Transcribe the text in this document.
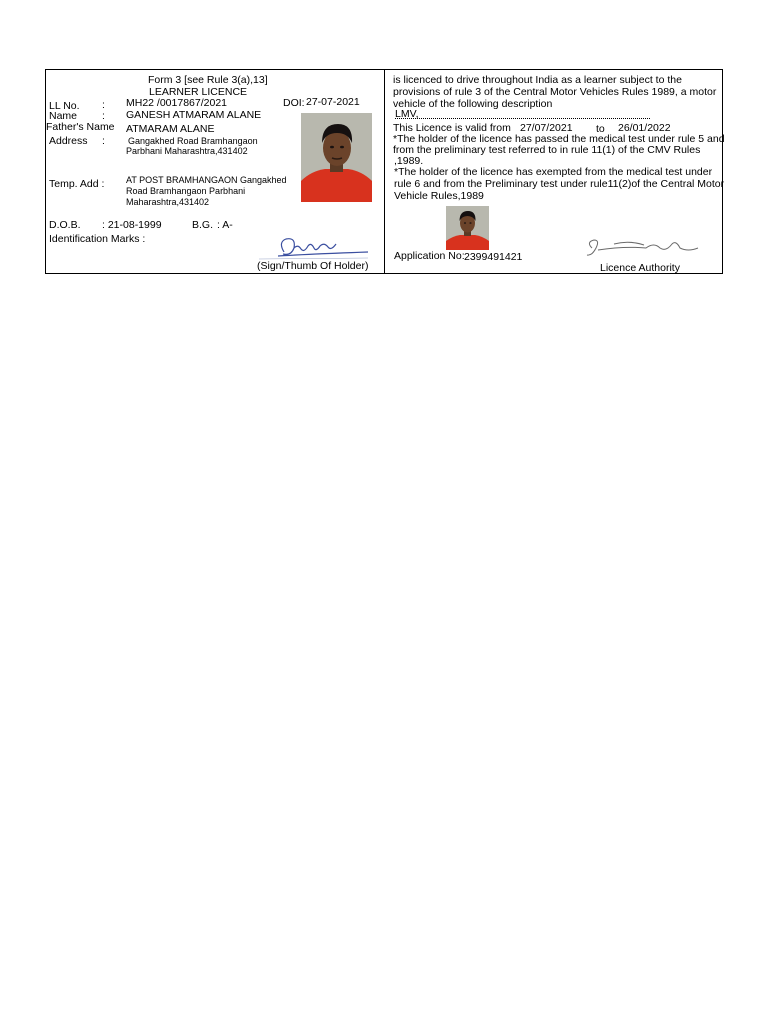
Form 3 [see Rule 3(a),13]
LEARNER LICENCE
LL No. : MH22 /0017867/2021	DOI: 27-07-2021
Name : GANESH ATMARAM ALANE
Father's Name ATMARAM ALANE
Address :	Gangakhed Road Bramhangaon
Parbhani Maharashtra,431402
Temp. Add : AT POST BRAMHANGAON Gangakhed
Road Bramhangaon Parbhani
Maharashtra,431402
D.O.B. : 21-08-1999	B.G. : A-
Identification Marks :
(Sign/Thumb Of Holder)
is licenced to drive throughout India as a learner subject to the
provisions of rule 3 of the Central Motor Vehicles Rules 1989, a motor
vehicle of the following description
LMV,
This Licence is valid from 27/07/2021 to 26/01/2022
*The holder of the licence has passed the medical test under rule 5 and
from the preliminary test referred to in rule 11(1) of the CMV Rules
,1989.
*The holder of the licence has exempted from the medical test under
rule 6 and from the Preliminary test under rule11(2)of the Central Motor
Vehicle Rules,1989
Application No: 2399491421
Licence Authority
